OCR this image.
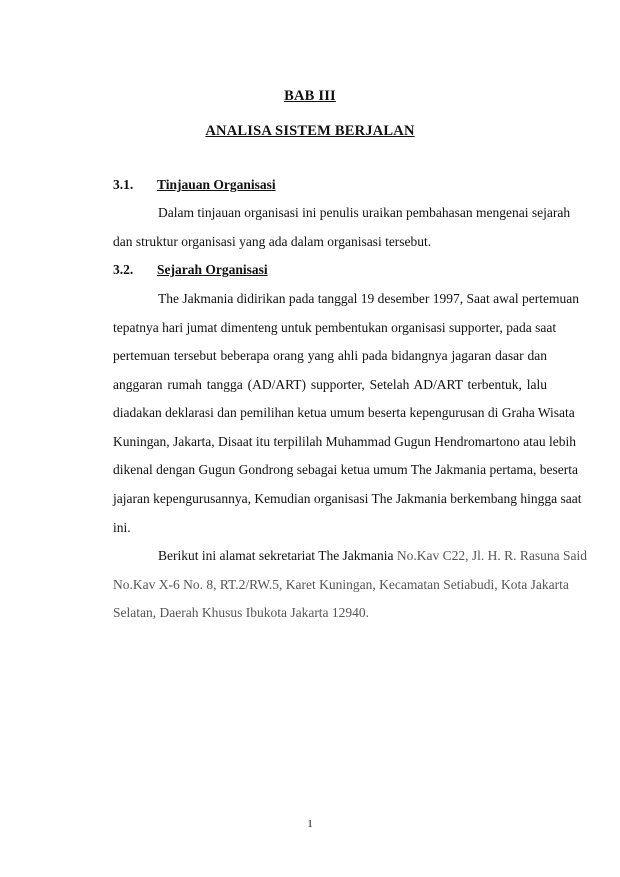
BAB III
ANALISA SISTEM BERJALAN
3.1. Tinjauan Organisasi
Dalam tinjauan organisasi ini penulis uraikan pembahasan mengenai sejarah
dan struktur organisasi yang ada dalam organisasi tersebut.
3.2. Sejarah Organisasi
The Jakmania didirikan pada tanggal 19 desember 1997, Saat awal pertemuan
tepatnya hari jumat dimenteng untuk pembentukan organisasi supporter, pada saat
pertemuan tersebut beberapa orang yang ahli pada bidangnya jagaran dasar dan
anggaran rumah tangga (AD/ART) supporter, Setelah AD/ART terbentuk, lalu
diadakan deklarasi dan pemilihan ketua umum beserta kepengurusan di Graha Wisata
Kuningan, Jakarta, Disaat itu terpililah Muhammad Gugun Hendromartono atau lebih
dikenal dengan Gugun Gondrong sebagai ketua umum The Jakmania pertama, beserta
jajaran kepengurusannya, Kemudian organisasi The Jakmania berkembang hingga saat
ini.
Berikut ini alamat sekretariat The Jakmania No.Kav C22, Jl. H. R. Rasuna Said
No.Kav X-6 No. 8, RT.2/RW.5, Karet Kuningan, Kecamatan Setiabudi, Kota Jakarta
Selatan, Daerah Khusus Ibukota Jakarta 12940.
1
